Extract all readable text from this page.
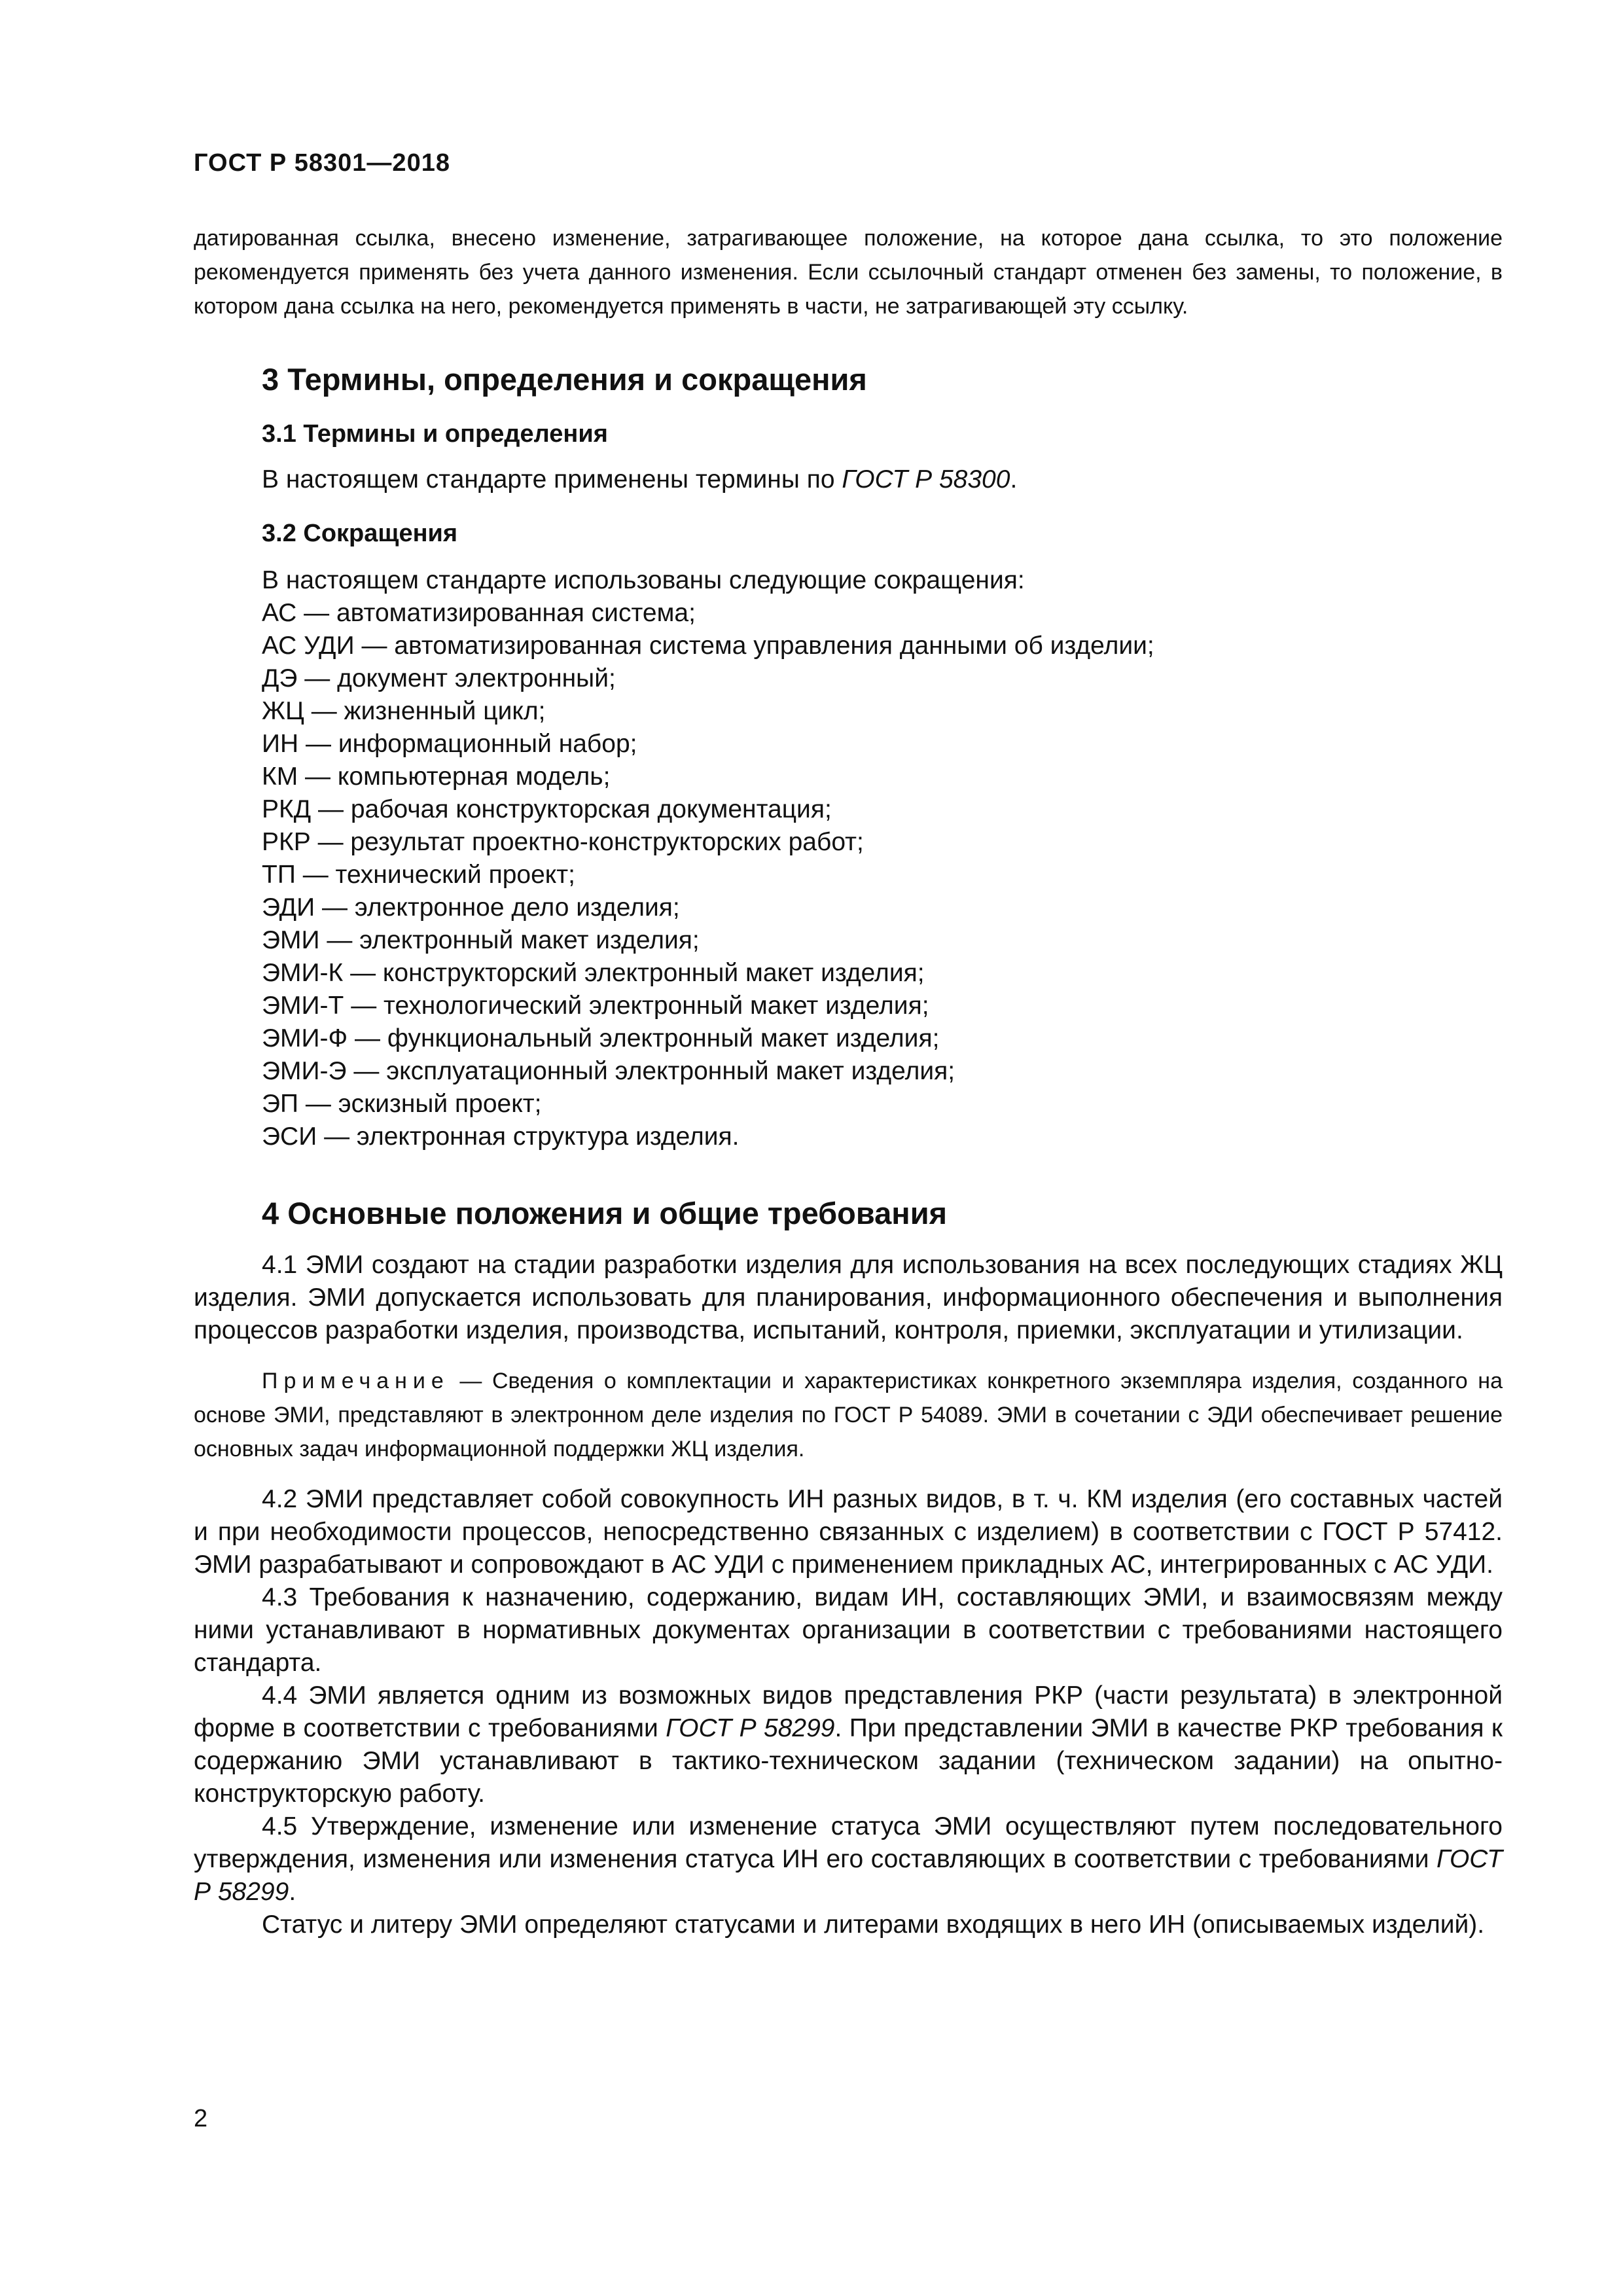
ГОСТ Р 58301—2018

датированная ссылка, внесено изменение, затрагивающее положение, на которое дана ссылка, то это положение рекомендуется применять без учета данного изменения. Если ссылочный стандарт отменен без замены, то положение, в котором дана ссылка на него, рекомендуется применять в части, не затрагивающей эту ссылку.

3 Термины, определения и сокращения
3.1 Термины и определения

В настоящем стандарте применены термины по ГОСТ Р 58300.

3.2 Сокращения

В настоящем стандарте использованы следующие сокращения:

АС — автоматизированная система;

АС УДИ — автоматизированная система управления данными об изделии;

ДЭ — документ электронный;

ЖЦ — жизненный цикл;

ИН — информационный набор;

КМ — компьютерная модель;

РКД — рабочая конструкторская документация;

РКР — результат проектно-конструкторских работ;

ТП — технический проект;

ЭДИ — электронное дело изделия;

ЭМИ — электронный макет изделия;

ЭМИ-К — конструкторский электронный макет изделия;

ЭМИ-Т — технологический электронный макет изделия;

ЭМИ-Ф — функциональный электронный макет изделия;

ЭМИ-Э — эксплуатационный электронный макет изделия;

ЭП — эскизный проект;

ЭСИ — электронная структура изделия.

4 Основные положения и общие требования

4.1 ЭМИ создают на стадии разработки изделия для использования на всех последующих стадиях ЖЦ изделия. ЭМИ допускается использовать для планирования, информационного обеспечения и выполнения процессов разработки изделия, производства, испытаний, контроля, приемки, эксплуатации и утилизации.

Примечание — Сведения о комплектации и характеристиках конкретного экземпляра изделия, созданного на основе ЭМИ, представляют в электронном деле изделия по ГОСТ Р 54089. ЭМИ в сочетании с ЭДИ обеспечивает решение основных задач информационной поддержки ЖЦ изделия.

4.2 ЭМИ представляет собой совокупность ИН разных видов, в т. ч. КМ изделия (его составных частей и при необходимости процессов, непосредственно связанных с изделием) в соответствии с ГОСТ Р 57412. ЭМИ разрабатывают и сопровождают в АС УДИ с применением прикладных АС, интегрированных с АС УДИ.

4.3 Требования к назначению, содержанию, видам ИН, составляющих ЭМИ, и взаимосвязям между ними устанавливают в нормативных документах организации в соответствии с требованиями настоящего стандарта.

4.4 ЭМИ является одним из возможных видов представления РКР (части результата) в электронной форме в соответствии с требованиями ГОСТ Р 58299. При представлении ЭМИ в качестве РКР требования к содержанию ЭМИ устанавливают в тактико-техническом задании (техническом задании) на опытно-конструкторскую работу.

4.5 Утверждение, изменение или изменение статуса ЭМИ осуществляют путем последовательного утверждения, изменения или изменения статуса ИН его составляющих в соответствии с требованиями ГОСТ Р 58299.

Статус и литеру ЭМИ определяют статусами и литерами входящих в него ИН (описываемых изделий).

2
